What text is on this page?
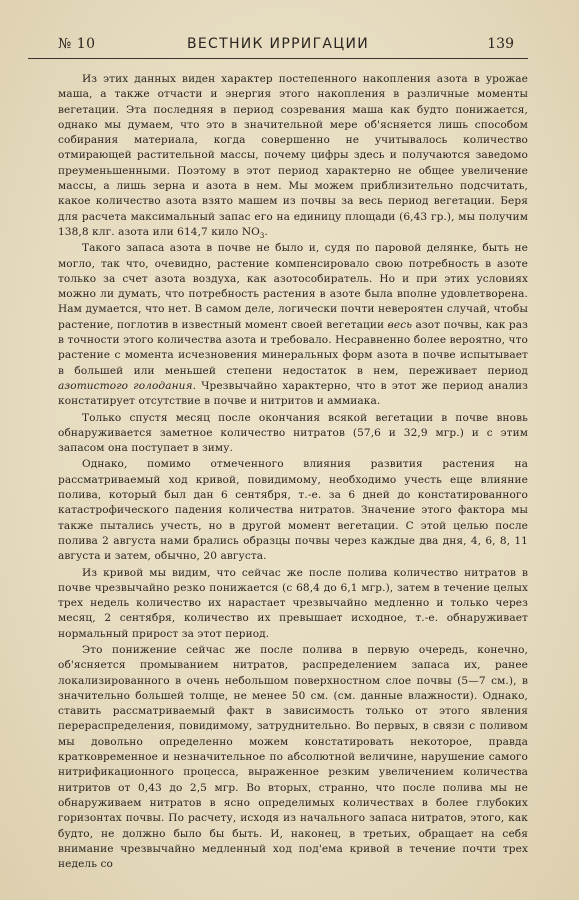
№ 10	ВЕСТНИК ИРРИГАЦИИ	139

Из этих данных виден характер постепенного накопления азота в урожае маша, а также отчасти и энергия этого накопления в различные моменты вегетации. Эта последняя в период созревания маша как будто понижается, однако мы думаем, что это в значительной мере об'ясняется лишь способом собирания материала, когда совершенно не учитывалось количество отмирающей растительной массы, почему цифры здесь и получаются заведомо преуменьшенными. Поэтому в этот период характерно не общее увеличение массы, а лишь зерна и азота в нем. Мы можем приблизительно подсчитать, какое количество азота взято машем из почвы за весь период вегетации. Беря для расчета максимальный запас его на единицу площади (6,43 гр.), мы получим 138,8 клг. азота или 614,7 кило $NO_3$.

Такого запаса азота в почве не было и, судя по паровой делянке, быть не могло, так что, очевидно, растение компенсировало свою потребность в азоте только за счет азота воздуха, как азотособиратель. Но и при этих условиях можно ли думать, что потребность растения в азоте была вполне удовлетворена. Нам думается, что нет. В самом деле, логически почти невероятен случай, чтобы растение, поглотив в известный момент своей вегетации весь азот почвы, как раз в точности этого количества азота и требовало. Несравненно более вероятно, что растение с момента исчезновения минеральных форм азота в почве испытывает в большей или меньшей степени недостаток в нем, переживает период азотистого голодания. Чрезвычайно характерно, что в этот же период анализ констатирует отсутствие в почве и нитритов и аммиака.

Только спустя месяц после окончания всякой вегетации в почве вновь обнаруживается заметное количество нитратов (57,6 и 32,9 мгр.) и с этим запасом она поступает в зиму.

Однако, помимо отмеченного влияния развития растения на рассматриваемый ход кривой, повидимому, необходимо учесть еще влияние полива, который был дан 6 сентября, т.-е. за 6 дней до констатированного катастрофического падения количества нитратов. Значение этого фактора мы также пытались учесть, но в другой момент вегетации. С этой целью после полива 2 августа нами брались образцы почвы через каждые два дня, 4, 6, 8, 11 августа и затем, обычно, 20 августа.

Из кривой мы видим, что сейчас же после полива количество нитратов в почве чрезвычайно резко понижается (с 68,4 до 6,1 мгр.), затем в течение целых трех недель количество их нарастает чрезвычайно медленно и только через месяц, 2 сентября, количество их превышает исходное, т.-е. обнаруживает нормальный прирост за этот период.

Это понижение сейчас же после полива в первую очередь, конечно, об'ясняется промыванием нитратов, распределением запаса их, ранее локализированного в очень небольшом поверхностном слое почвы (5—7 см.), в значительно большей толще, не менее 50 см. (см. данные влажности). Однако, ставить рассматриваемый факт в зависимость только от этого явления перераспределения, повидимому, затруднительно. Во первых, в связи с поливом мы довольно определенно можем констатировать некоторое, правда кратковременное и незначительное по абсолютной величине, нарушение самого нитрификационного процесса, выраженное резким увеличением количества нитритов от 0,43 до 2,5 мгр. Во вторых, странно, что после полива мы не обнаруживаем нитратов в ясно определимых количествах в более глубоких горизонтах почвы. По расчету, исходя из начального запаса нитратов, этого, как будто, не должно было бы быть. И, наконец, в третьих, обращает на себя внимание чрезвычайно медленный ход под'ема кривой в течение почти трех недель со
